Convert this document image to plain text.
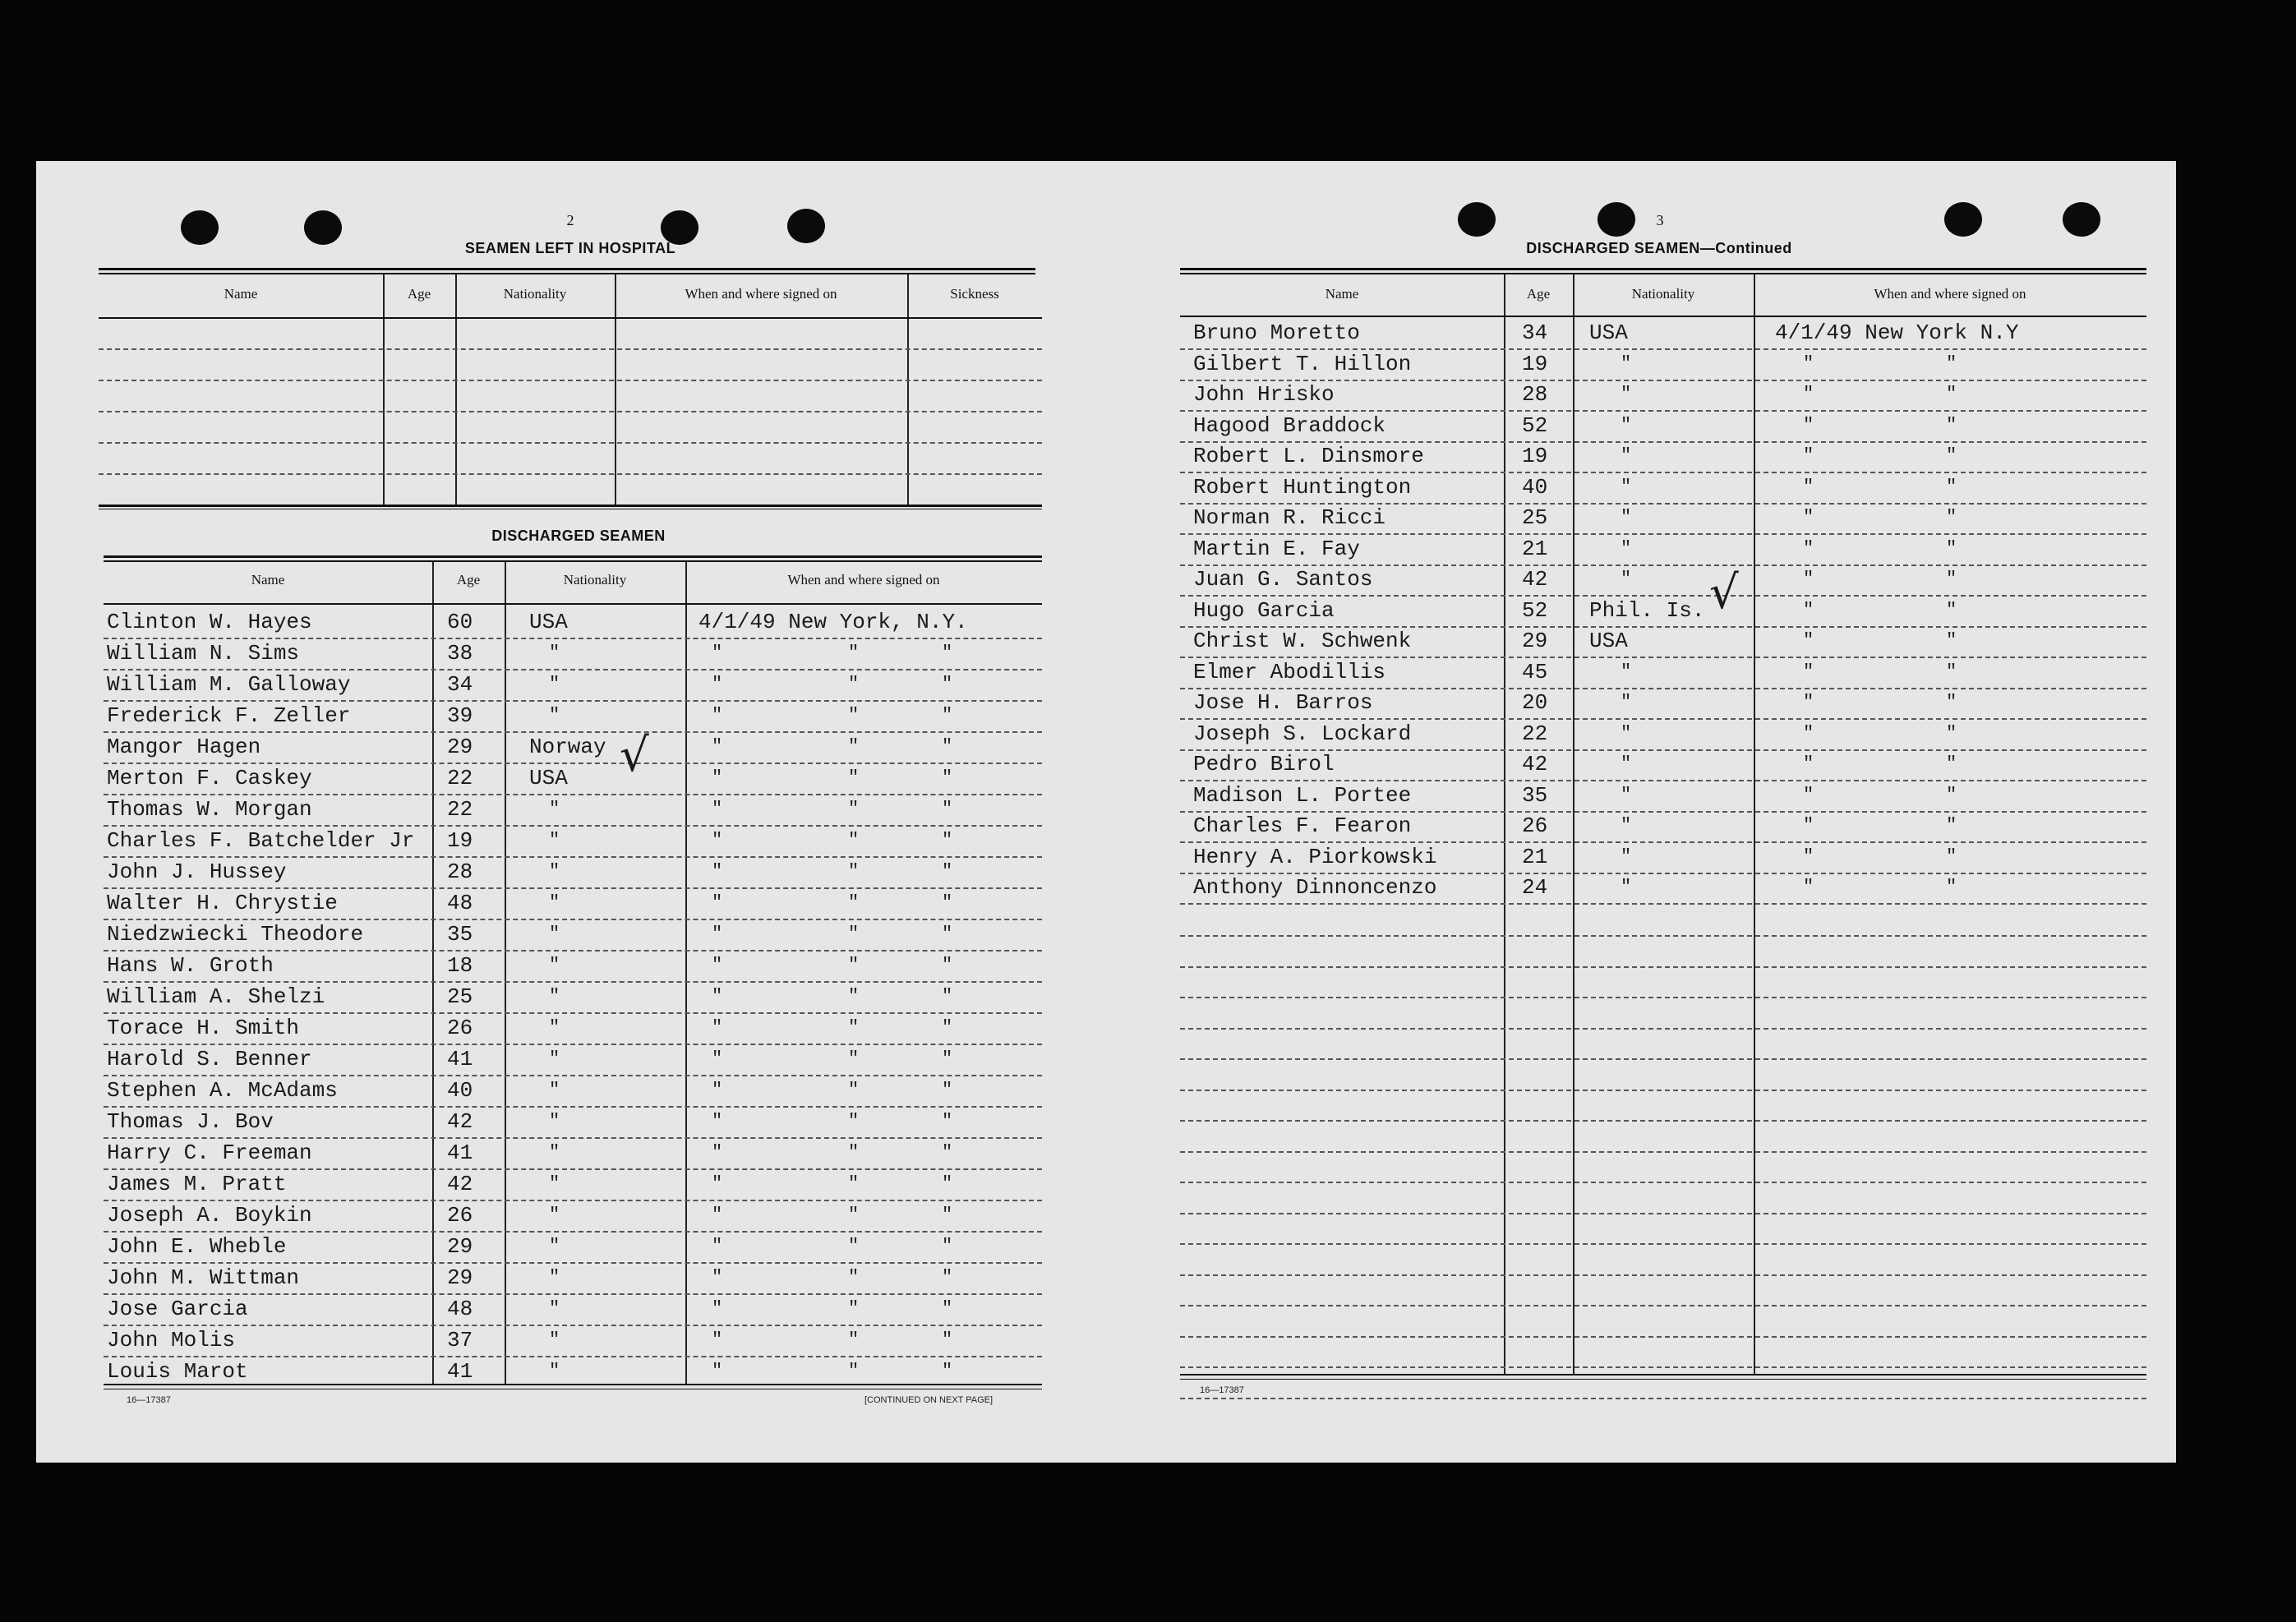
2
SEAMEN LEFT IN HOSPITAL
Name	Age	Nationality	When and where signed on	Sickness
DISCHARGED SEAMEN
Name	Age	Nationality	When and where signed on
Clinton W. Hayes	60	USA	4/1/49 New York, N.Y.
William N. Sims	38	"	"	"	"
William M. Galloway	34	"	"	"	"
Frederick F. Zeller	39	"	"	"	"
Mangor Hagen	29	Norway	"	"	"
Merton F. Caskey	22	USA	"	"	"
Thomas W. Morgan	22	"	"	"	"
Charles F. Batchelder Jr 19	"	"	"	"
John J. Hussey	28	"	"	"	"
Walter H. Chrystie	48	"	"	"	"
Niedzwiecki Theodore	35	"	"	"	"
Hans W. Groth	18	"	"	"	"
William A. Shelzi	25	"	"	"	"
Torace H. Smith	26	"	"	"	"
Harold S. Benner	41	"	"	"	"
Stephen A. McAdams	40	"	"	"	"
Thomas J. Bov	42	"	"	"	"
Harry C. Freeman	41	"	"	"	"
James M. Pratt	42	"	"	"	"
Joseph A. Boykin	26	"	"	"	"
John E. Wheble	29	"	"	"	"
John M. Wittman	29	"	"	"	"
Jose Garcia	48	"	"	"	"
John Molis	37	"	"	"	"
Louis Marot	41	"	"	"	"
√
16—17387	[CONTINUED ON NEXT PAGE]
3
DISCHARGED SEAMEN—Continued
Name	Age	Nationality	When and where signed on
Bruno Moretto	34 USA	4/1/49 New York N.Y
Gilbert T. Hillon	19	"	"	"
John Hrisko	28	"	"	"
Hagood Braddock	52	"	"	"
Robert L. Dinsmore	19	"	"	"
Robert Huntington	40	"	"	"
Norman R. Ricci	25	"	"	"
Martin E. Fay	21	"	"	"
Juan G. Santos	42	"	"	"
Hugo Garcia	52 Phil. Is.	"	"
Christ W. Schwenk	29 USA	"	"
Elmer Abodillis	45	"	"	"
Jose H. Barros	20	"	"	"
Joseph S. Lockard	22	"	"	"
Pedro Birol	42	"	"	"
Madison L. Portee	35	"	"	"
Charles F. Fearon	26	"	"	"
Henry A. Piorkowski	21	"	"	"
Anthony Dinnoncenzo	24	"	"	"
√
16—17387
